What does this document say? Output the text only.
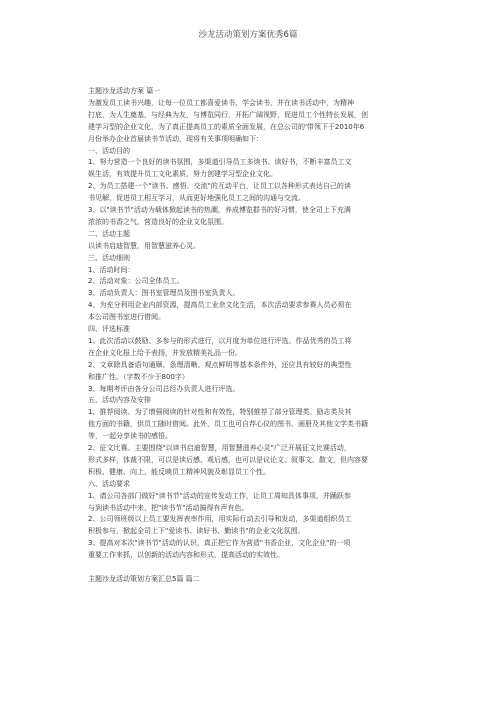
沙龙活动策划方案优秀6篇
主题沙龙活动方案 篇一
为激发员工读书兴趣，让每一位员工都喜爱读书，学会读书，并在读书活动中，为精神
打底，为人生奠基，与经典为友，与博览同行，开拓广阔视野，促进员工个性特长发展，创
建学习型的企业文化，为了真正提高员工的素质全面发展，在总公司的'带领下于2010年6
月份举办企业首届读书节活动，现将有关事项明确如下：
一、活动目的
1、努力营造一个良好的读书氛围，多渠道引导员工多读书、读好书，不断丰富员工文
娱生活，有效提升员工文化素质，努力创建学习型企业文化。
2、为员工搭建一个"读书、感悟、交流"的互动平台，让员工以各种形式表达自己的读
书见解，促进员工相互学习，从而更好地强化员工之间的沟通与交流。
3、以"读书节"活动为载体掀起读书的热潮，养成博览群书的好习惯，使全司上下充满
浓浓的书香之气，营造良好的企业文化氛围。
二、活动主题
以读书启迪智慧，用智慧滋养心灵。
三、活动细则
1、活动时间：
2、活动对象：公司全体员工。
3、活动负责人：图书室管理员及图书室负责人。
4、为充分利用企业内部资源，提高员工业余文化生活，本次活动要求参赛人员必须在
本公司图书室进行借阅。
四、评选标准
1、此次活动以鼓励、多参与的形式进行，以月度为单位进行评选。作品优秀的员工将
在企业文化报上给予表扬，并发放精美礼品一份。
2、文章除具备语句通顺、条理清晰、观点鲜明等基本条件外，还应具有较好的典型性
和推广性。（字数不少于800字）
3、每期考评由各分公司总经办负责人进行评选。
五、活动内容及安排
1、推荐阅读。为了增强阅读的针对性和有效性，特别推荐了部分管理类、励志类及其
他方面的书籍，供员工随时借阅。此外，员工也可自荐心仪的图书、画册及其他文学类书籍
等，一起分享读书的感悟。
2、征文比赛。主要围绕"以读书启迪智慧，用智慧滋养心灵"广泛开展征文比赛活动，
形式多样，体裁不限，可以是读后感、观后感，也可以是议论文、叙事文、散文，但内容要
积极、健康、向上，能反映员工精神风貌及彰显员工个性。
六、活动要求
1、请公司各部门做好"读书节"活动的宣传发动工作，让员工周知具体事项，并踊跃参
与到读书活动中来，把"读书节"活动搞得有声有色。
2、公司领班级以上员工要发挥表率作用，用实际行动去引导和发动，多渠道组织员工
积极参与，掀起全司上下"爱读书、读好书、勤读书"的企业文化氛围。
3、提高对本次"读书节"活动的认识，真正把它作为营造"书香企业，文化企业"的一项
重要工作来抓，以创新的活动内容和形式，提高活动的实效性。
主题沙龙活动策划方案汇总5篇 篇二
